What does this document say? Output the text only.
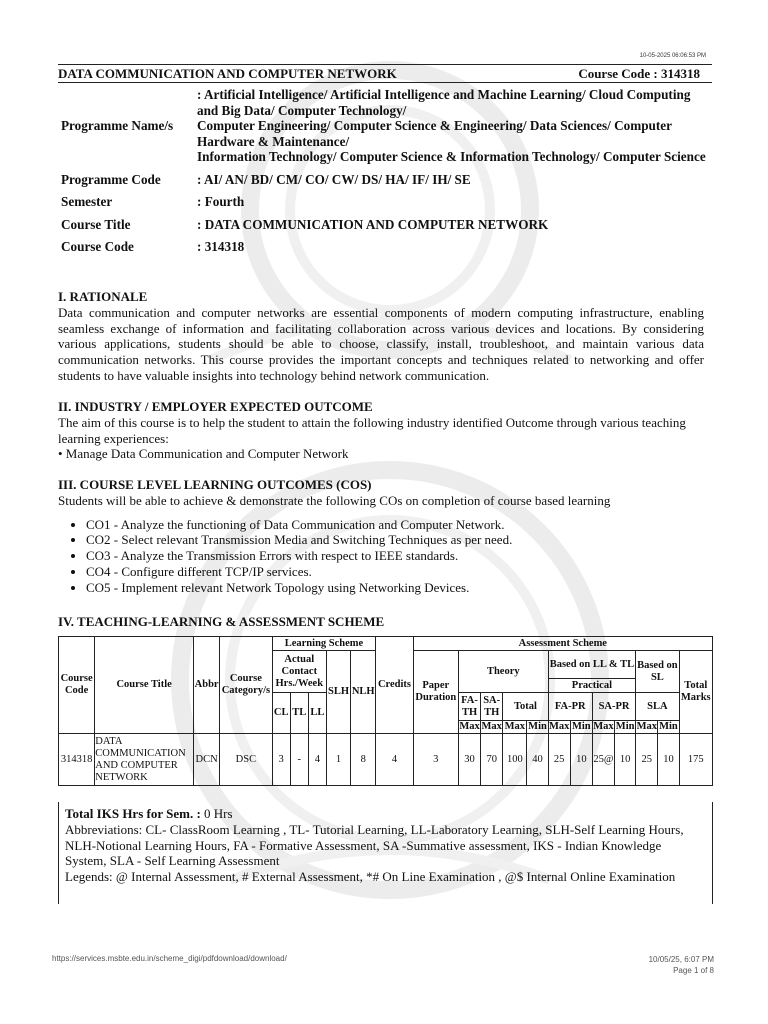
10-05-2025 06:06:53 PM
DATA COMMUNICATION AND COMPUTER NETWORK	Course Code : 314318
Programme Name/s	: Artificial Intelligence/ Artificial Intelligence and Machine Learning/ Cloud Computing and Big Data/ Computer Technology/
Computer Engineering/ Computer Science & Engineering/ Data Sciences/ Computer Hardware & Maintenance/
Information Technology/ Computer Science & Information Technology/ Computer Science

Programme Code	: AI/ AN/ BD/ CM/ CO/ CW/ DS/ HA/ IF/ IH/ SE
Semester	: Fourth
Course Title	: DATA COMMUNICATION AND COMPUTER NETWORK
Course Code	: 314318
I. RATIONALE

Data communication and computer networks are essential components of modern computing infrastructure, enabling seamless exchange of information and facilitating collaboration across various devices and locations. By considering various applications, students should be able to choose, classify, install, troubleshoot, and maintain various data communication networks. This course provides the important concepts and techniques related to networking and offer students to have valuable insights into technology behind network communication.

II. INDUSTRY / EMPLOYER EXPECTED OUTCOME

The aim of this course is to help the student to attain the following industry identified Outcome through various teaching learning experiences:

• Manage Data Communication and Computer Network

III. COURSE LEVEL LEARNING OUTCOMES (COS)

Students will be able to achieve & demonstrate the following COs on completion of course based learning

• CO1 - Analyze the functioning of Data Communication and Computer Network.
• CO2 - Select relevant Transmission Media and Switching Techniques as per need.
• CO3 - Analyze the Transmission Errors with respect to IEEE standards.
• CO4 - Configure different TCP/IP services.
• CO5 - Implement relevant Network Topology using Networking Devices.
IV. TEACHING-LEARNING & ASSESSMENT SCHEME
Course Code	Course Title	Abbr	Course Category/s	Learning Scheme					Credits	Assessment Scheme											
				Actual Contact Hrs./Week			SLH	NLH		Paper Duration	Theory				Based on LL & TL				Based on SL		Total Marks
															Practical						
				CL	TL	LL					FA-TH	SA-TH	Total		FA-PR		SA-PR		SLA		
											Max	Max	Max	Min	Max	Min	Max	Min	Max	Min	
314318	DATA COMMUNICATION AND COMPUTER NETWORK	DCN	DSC	3	-	4	1	8	4	3	30	70	100	40	25	10	25@	10	25	10	175
Total IKS Hrs for Sem. : 0 Hrs
Abbreviations: CL- ClassRoom Learning , TL- Tutorial Learning, LL-Laboratory Learning, SLH-Self Learning Hours, NLH-Notional Learning Hours, FA - Formative Assessment, SA -Summative assessment, IKS - Indian Knowledge System, SLA - Self Learning Assessment
Legends: @ Internal Assessment, # External Assessment, *# On Line Examination , @$ Internal Online Examination
https://services.msbte.edu.in/scheme_digi/pdfdownload/download/	10/05/25, 6:07 PM
Page 1 of 8
